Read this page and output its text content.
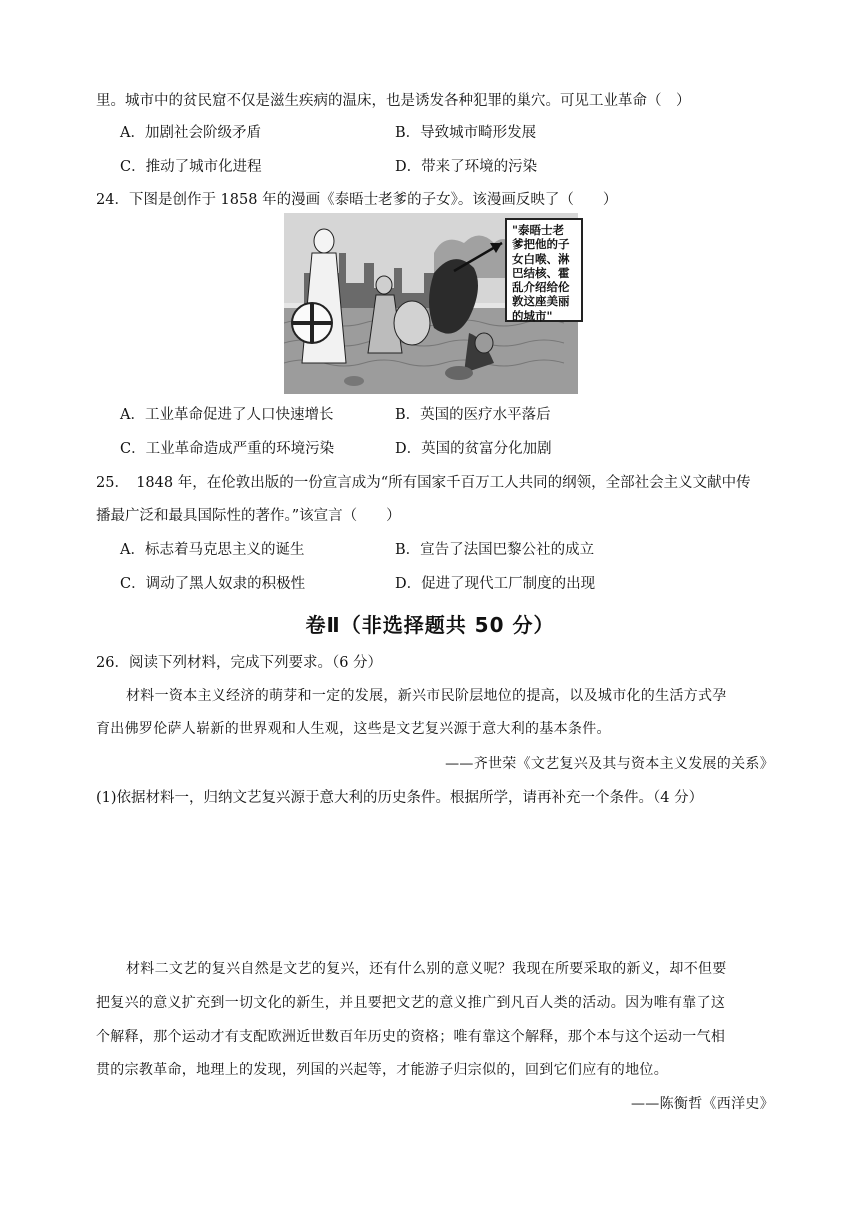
里。城市中的贫民窟不仅是滋生疾病的温床，也是诱发各种犯罪的巢穴。可见工业革命（　）
A．加剧社会阶级矛盾	B．导致城市畸形发展
C．推动了城市化进程	D．带来了环境的污染
24．下图是创作于 1858 年的漫画《泰晤士老爹的子女》。该漫画反映了（　　）
"泰晤士老
爹把他的子
女白喉、淋
巴结核、霍
乱介绍给伦
敦这座美丽
的城市"
A．工业革命促进了人口快速增长	B．英国的医疗水平落后
C．工业革命造成严重的环境污染	D．英国的贫富分化加剧
25．　1848 年，在伦敦出版的一份宣言成为“所有国家千百万工人共同的纲领，全部社会主义文献中传
播最广泛和最具国际性的著作。”该宣言（　　）
A．标志着马克思主义的诞生	B．宣告了法国巴黎公社的成立
C．调动了黑人奴隶的积极性	D．促进了现代工厂制度的出现
卷Ⅱ（非选择题共 50 分）
26．阅读下列材料，完成下列要求。（6 分）
材料一资本主义经济的萌芽和一定的发展，新兴市民阶层地位的提高，以及城市化的生活方式孕
育出佛罗伦萨人崭新的世界观和人生观，这些是文艺复兴源于意大利的基本条件。
——齐世荣《文艺复兴及其与资本主义发展的关系》
(1)依据材料一，归纳文艺复兴源于意大利的历史条件。根据所学，请再补充一个条件。（4 分）
材料二文艺的复兴自然是文艺的复兴，还有什么别的意义呢？我现在所要采取的新义，却不但要
把复兴的意义扩充到一切文化的新生，并且要把文艺的意义推广到凡百人类的活动。因为唯有靠了这
个解释，那个运动才有支配欧洲近世数百年历史的资格；唯有靠这个解释，那个本与这个运动一气相
贯的宗教革命，地理上的发现，列国的兴起等，才能游子归宗似的，回到它们应有的地位。
——陈衡哲《西洋史》
